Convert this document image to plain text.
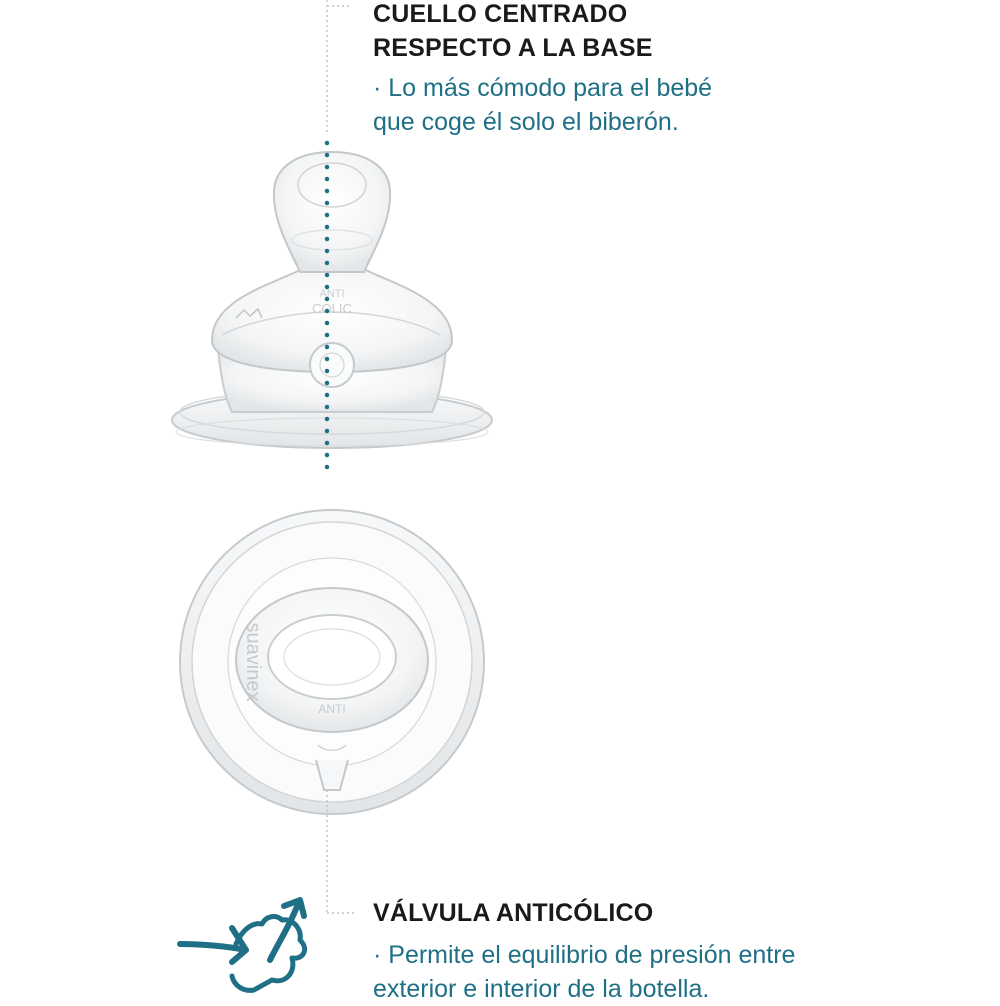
ANTI
COLIC
suavinex
ANTI
CUELLO CENTRADO
RESPECTO A LA BASE

· Lo más cómodo para el bebé
que coge él solo el biberón.

VÁLVULA ANTICÓLICO

· Permite el equilibrio de presión entre
exterior e interior de la botella.
